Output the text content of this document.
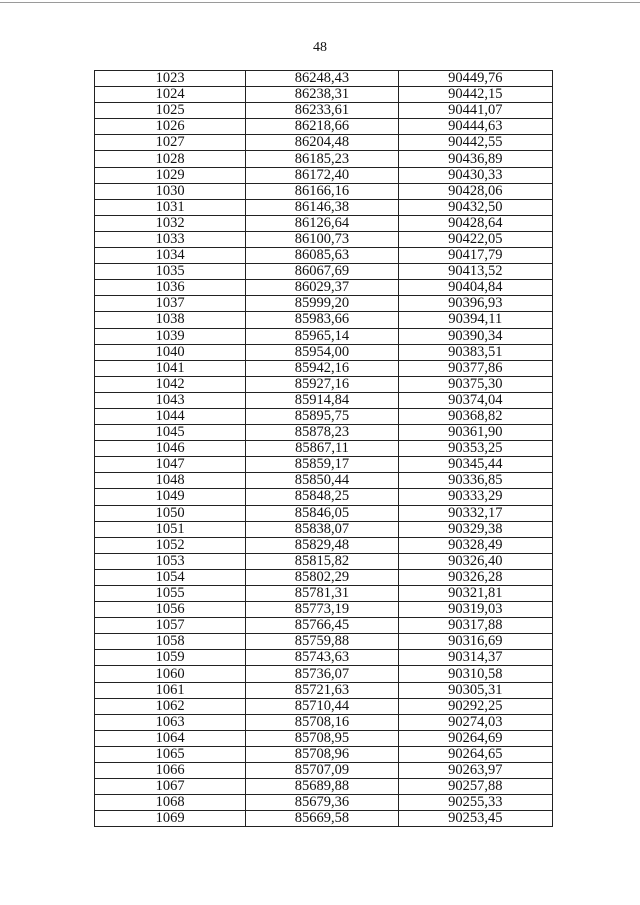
48
1023	86248,43	90449,76
1024	86238,31	90442,15
1025	86233,61	90441,07
1026	86218,66	90444,63
1027	86204,48	90442,55
1028	86185,23	90436,89
1029	86172,40	90430,33
1030	86166,16	90428,06
1031	86146,38	90432,50
1032	86126,64	90428,64
1033	86100,73	90422,05
1034	86085,63	90417,79
1035	86067,69	90413,52
1036	86029,37	90404,84
1037	85999,20	90396,93
1038	85983,66	90394,11
1039	85965,14	90390,34
1040	85954,00	90383,51
1041	85942,16	90377,86
1042	85927,16	90375,30
1043	85914,84	90374,04
1044	85895,75	90368,82
1045	85878,23	90361,90
1046	85867,11	90353,25
1047	85859,17	90345,44
1048	85850,44	90336,85
1049	85848,25	90333,29
1050	85846,05	90332,17
1051	85838,07	90329,38
1052	85829,48	90328,49
1053	85815,82	90326,40
1054	85802,29	90326,28
1055	85781,31	90321,81
1056	85773,19	90319,03
1057	85766,45	90317,88
1058	85759,88	90316,69
1059	85743,63	90314,37
1060	85736,07	90310,58
1061	85721,63	90305,31
1062	85710,44	90292,25
1063	85708,16	90274,03
1064	85708,95	90264,69
1065	85708,96	90264,65
1066	85707,09	90263,97
1067	85689,88	90257,88
1068	85679,36	90255,33
1069	85669,58	90253,45
